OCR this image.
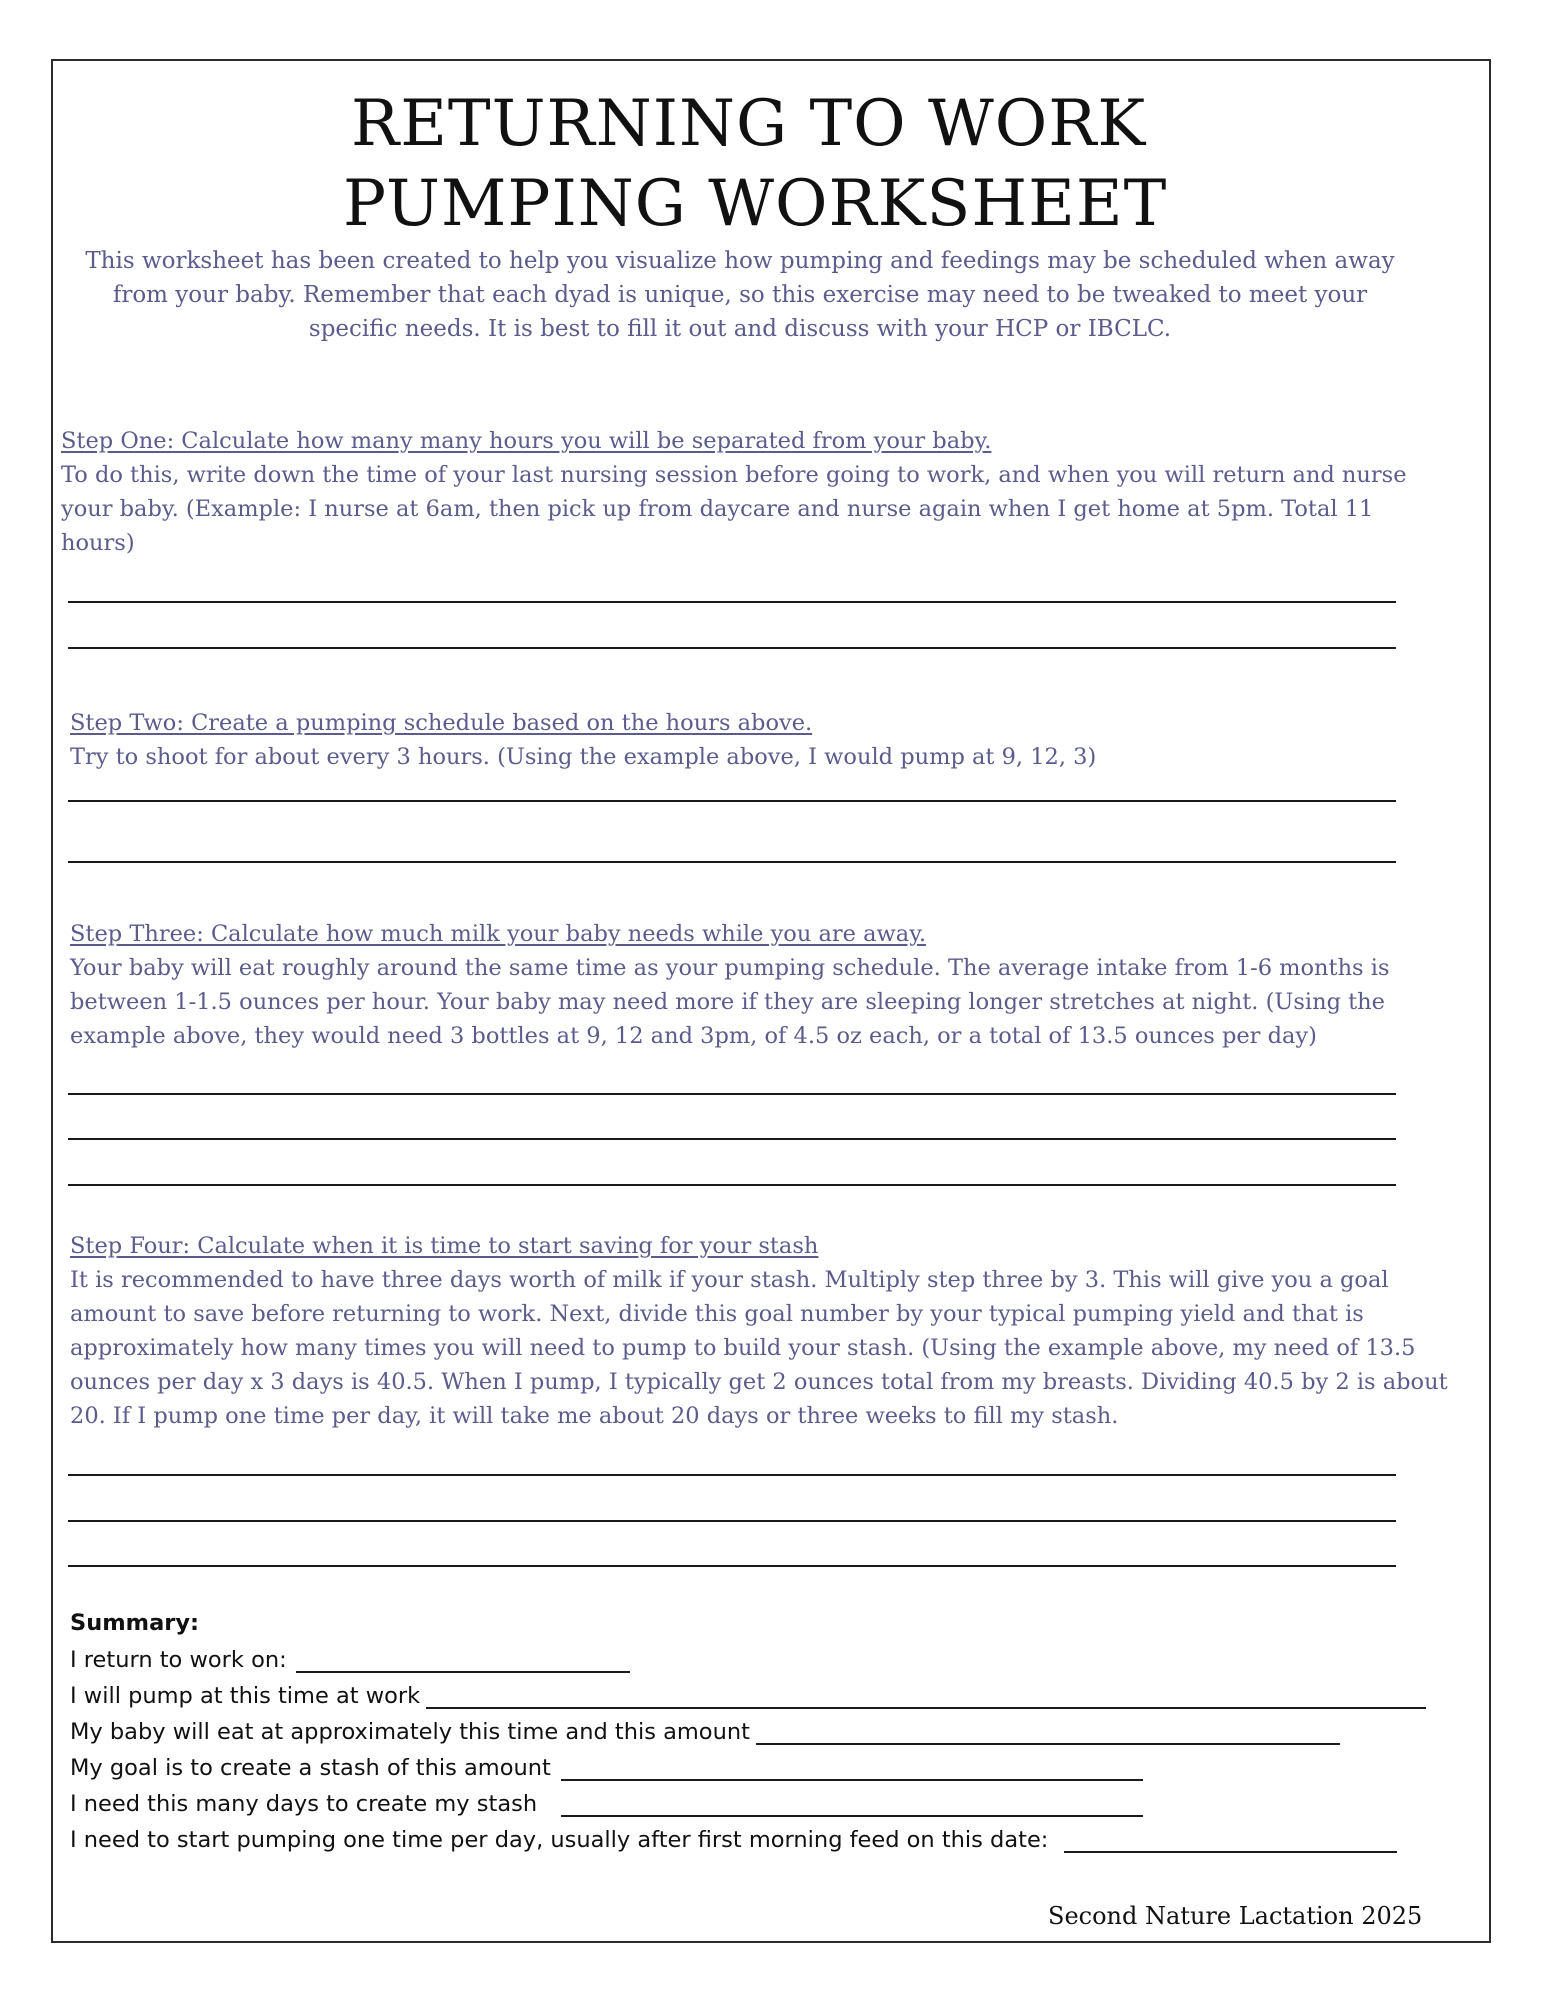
RETURNING TO WORK
PUMPING WORKSHEET

This worksheet has been created to help you visualize how pumping and feedings may be scheduled when away from your baby. Remember that each dyad is unique, so this exercise may need to be tweaked to meet your specific needs. It is best to fill it out and discuss with your HCP or IBCLC.

Step One: Calculate how many many hours you will be separated from your baby.
To do this, write down the time of your last nursing session before going to work, and when you will return and nurse your baby. (Example: I nurse at 6am, then pick up from daycare and nurse again when I get home at 5pm. Total 11 hours)
Step Two: Create a pumping schedule based on the hours above.
Try to shoot for about every 3 hours. (Using the example above, I would pump at 9, 12, 3)
Step Three: Calculate how much milk your baby needs while you are away.
Your baby will eat roughly around the same time as your pumping schedule. The average intake from 1-6 months is between 1-1.5 ounces per hour. Your baby may need more if they are sleeping longer stretches at night. (Using the example above, they would need 3 bottles at 9, 12 and 3pm, of 4.5 oz each, or a total of 13.5 ounces per day)
Step Four: Calculate when it is time to start saving for your stash
It is recommended to have three days worth of milk if your stash. Multiply step three by 3. This will give you a goal amount to save before returning to work. Next, divide this goal number by your typical pumping yield and that is approximately how many times you will need to pump to build your stash. (Using the example above, my need of 13.5 ounces per day x 3 days is 40.5. When I pump, I typically get 2 ounces total from my breasts. Dividing 40.5 by 2 is about 20. If I pump one time per day, it will take me about 20 days or three weeks to fill my stash.
Summary:
I return to work on:
I will pump at this time at work
My baby will eat at approximately this time and this amount
My goal is to create a stash of this amount
I need this many days to create my stash
I need to start pumping one time per day, usually after first morning feed on this date:
Second Nature Lactation 2025
